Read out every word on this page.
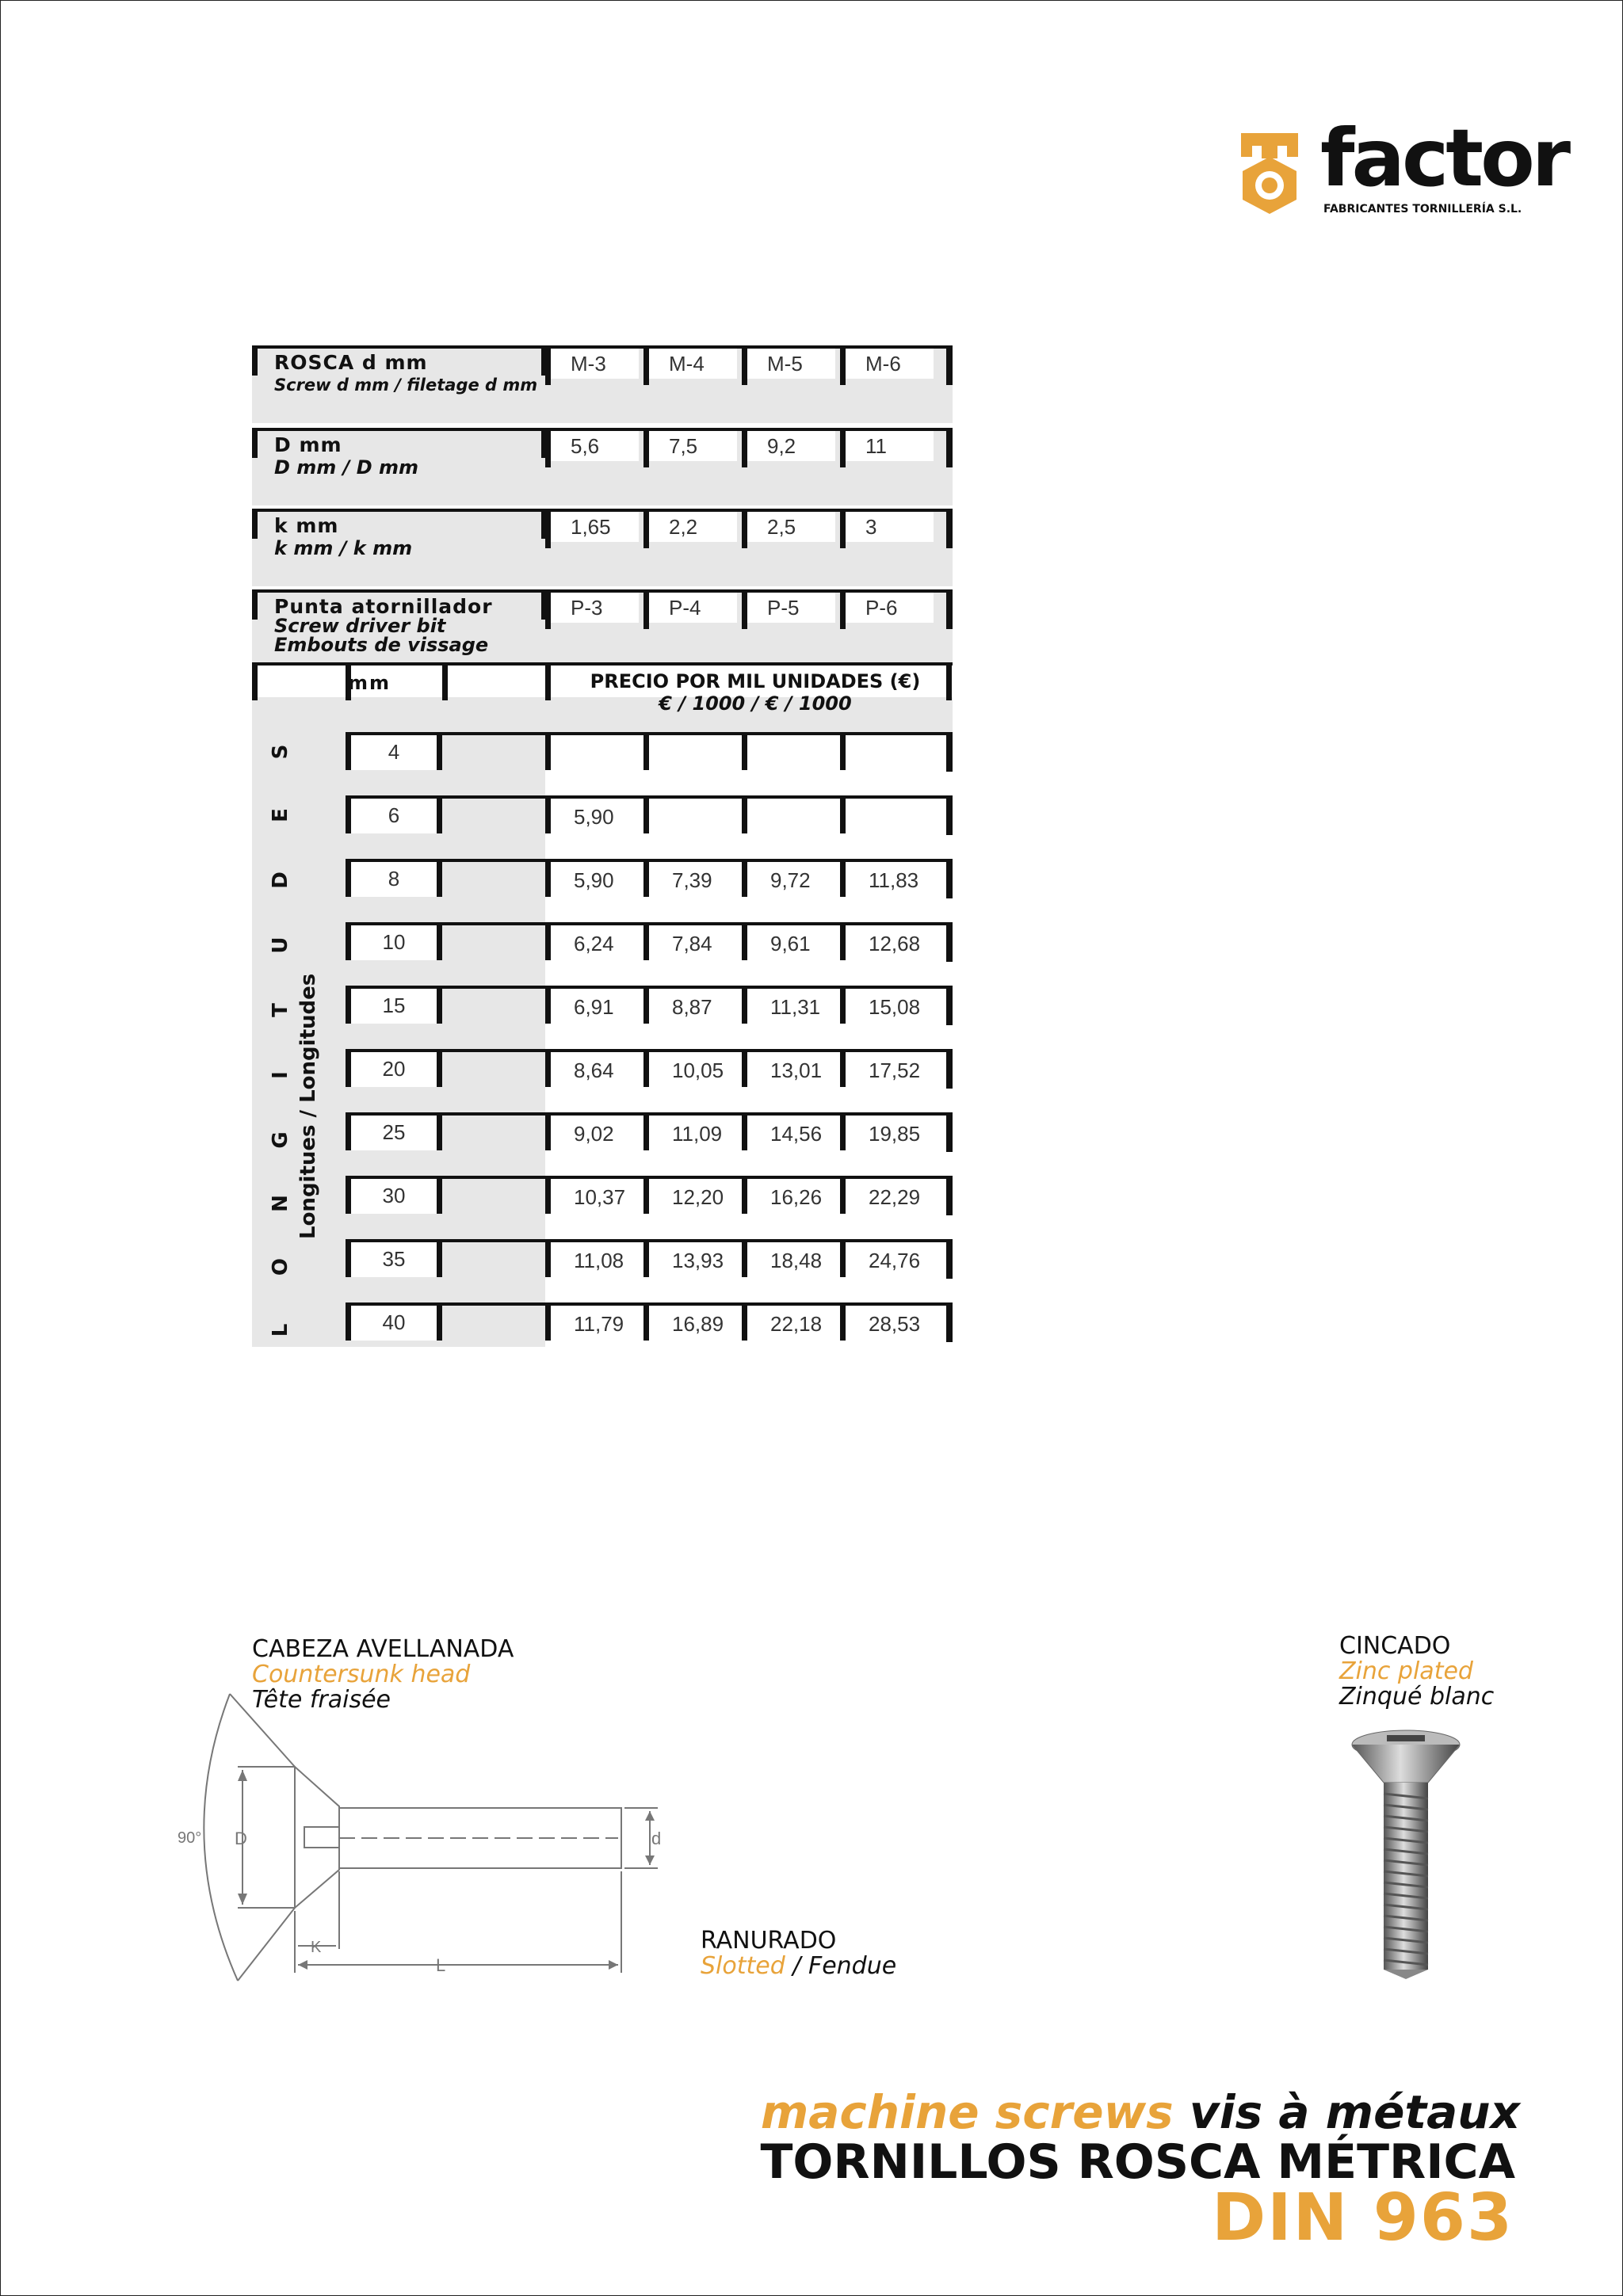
factor
FABRICANTES TORNILLERÍA S.L.
ROSCA d mm
Screw d mm / filetage d mm
M-3	M-4	M-5	M-6
D mm
D mm / D mm
5,6	7,5	9,2	11
k mm
k mm / k mm
1,65	2,2	2,5	3
Punta atornillador
Screw driver bit
Embouts de vissage
P-3	P-4	P-5	P-6
mm	PRECIO POR MIL UNIDADES (€)
€ / 1000 / € / 1000
L
O
N
G
I
T
U
D
E
S
Longitues / Longitudes
4
6	5,90
8	5,90	7,39	9,72	11,83
10	6,24	7,84	9,61	12,68
15	6,91	8,87	11,31 15,08
20	8,64	10,05 13,01 17,52
25	9,02	11,09 14,56 19,85
30	10,37 12,20 16,26 22,29
35	11,08 13,93 18,48 24,76
40	11,79 16,89 22,18 28,53
CABEZA AVELLANADA
Countersunk head
Tête fraisée
90° D	d
K
L
RANURADO
Slotted / Fendue
CINCADO
Zinc plated
Zinqué blanc
machine screws vis à métaux
TORNILLOS ROSCA MÉTRICA
DIN 963
